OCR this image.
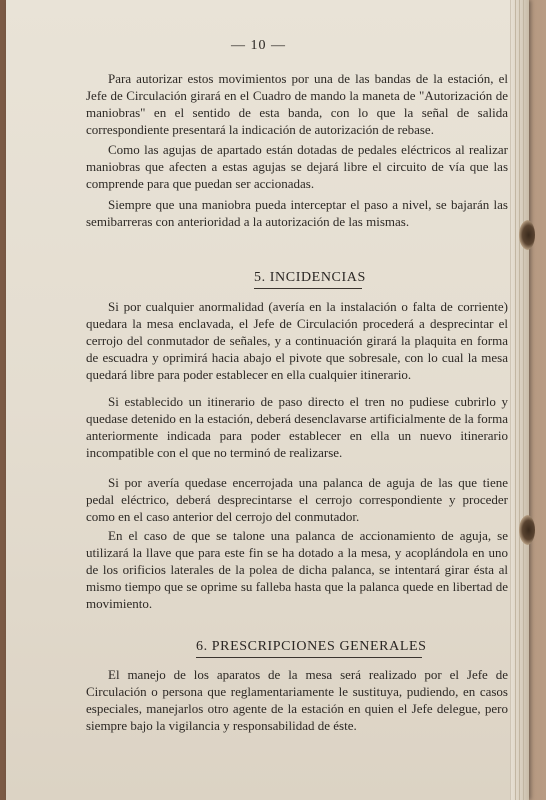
— 10 —

Para autorizar estos movimientos por una de las bandas de la estación, el Jefe de Circulación girará en el Cuadro de mando la maneta de "Autorización de maniobras" en el sentido de esta banda, con lo que la señal de salida correspondiente presentará la indicación de autorización de rebase.

Como las agujas de apartado están dotadas de pedales eléctricos al realizar maniobras que afecten a estas agujas se dejará libre el circuito de vía que las comprende para que puedan ser accionadas.

Siempre que una maniobra pueda interceptar el paso a nivel, se bajarán las semibarreras con anterioridad a la autorización de las mismas.

5. INCIDENCIAS

Si por cualquier anormalidad (avería en la instalación o falta de corriente) quedara la mesa enclavada, el Jefe de Circulación procederá a desprecintar el cerrojo del conmutador de señales, y a continuación girará la plaquita en forma de escuadra y oprimirá hacia abajo el pivote que sobresale, con lo cual la mesa quedará libre para poder establecer en ella cualquier itinerario.

Si establecido un itinerario de paso directo el tren no pudiese cubrirlo y quedase detenido en la estación, deberá desenclavarse artificialmente de la forma anteriormente indicada para poder establecer en ella un nuevo itinerario incompatible con el que no terminó de realizarse.

Si por avería quedase encerrojada una palanca de aguja de las que tiene pedal eléctrico, deberá desprecintarse el cerrojo correspondiente y proceder como en el caso anterior del cerrojo del conmutador.

En el caso de que se talone una palanca de accionamiento de aguja, se utilizará la llave que para este fin se ha dotado a la mesa, y acoplándola en uno de los orificios laterales de la polea de dicha palanca, se intentará girar ésta al mismo tiempo que se oprime su falleba hasta que la palanca quede en libertad de movimiento.

6. PRESCRIPCIONES GENERALES

El manejo de los aparatos de la mesa será realizado por el Jefe de Circulación o persona que reglamentariamente le sustituya, pudiendo, en casos especiales, manejarlos otro agente de la estación en quien el Jefe delegue, pero siempre bajo la vigilancia y responsabilidad de éste.
